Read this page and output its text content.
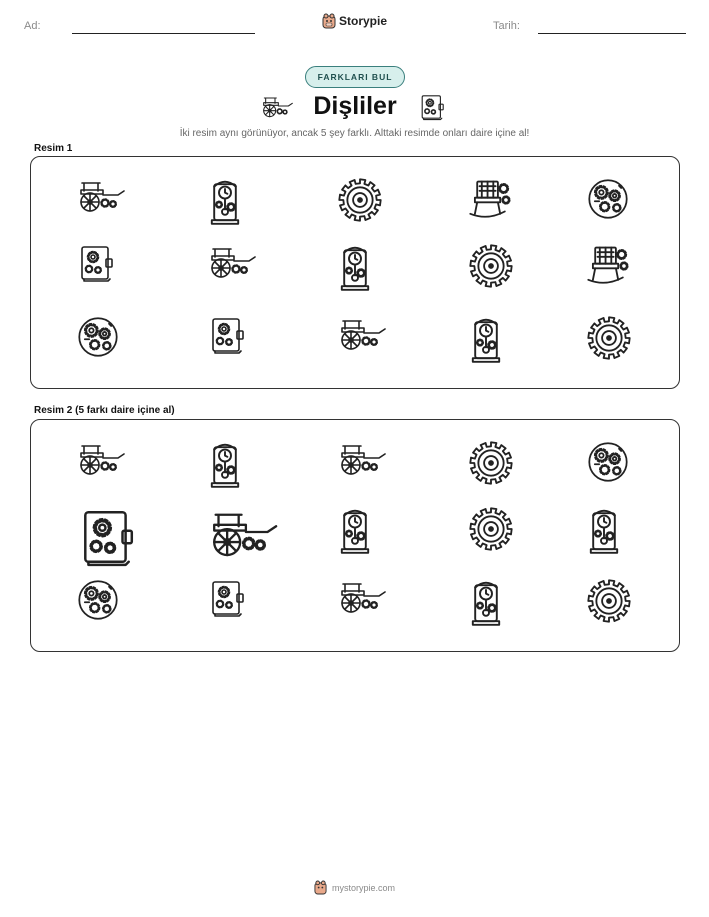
Ad:	Tarih:
Storypie
FARKLARI BUL
Dişliler
İki resim aynı görünüyor, ancak 5 şey farklı. Alttaki resimde onları daire içine al!
Resim 1
Resim 2 (5 farkı daire içine al)
mystorypie.com
